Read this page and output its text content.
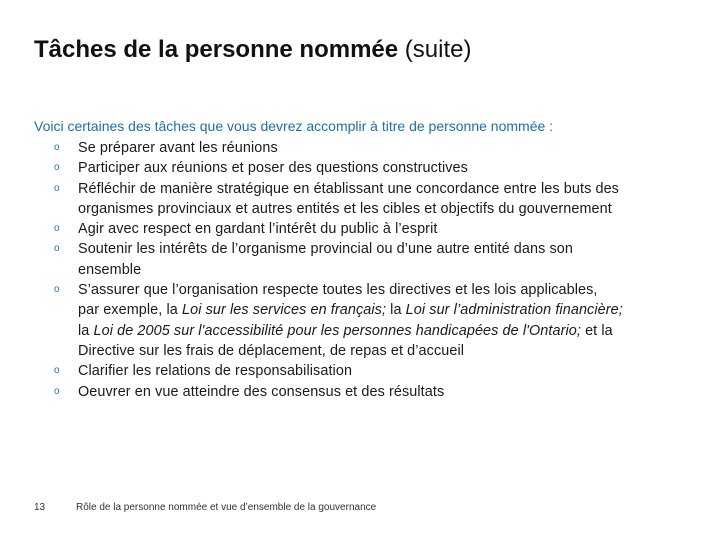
Tâches de la personne nommée (suite)
Voici certaines des tâches que vous devrez accomplir à titre de personne nommée :
o Se préparer avant les réunions
o Participer aux réunions et poser des questions constructives
o Réfléchir de manière stratégique en établissant une concordance entre les buts des
organismes provinciaux et autres entités et les cibles et objectifs du gouvernement
o Agir avec respect en gardant l’intérêt du public à l’esprit
o Soutenir les intérêts de l’organisme provincial ou d’une autre entité dans son
ensemble
o S’assurer que l’organisation respecte toutes les directives et les lois applicables,
par exemple, la Loi sur les services en français; la Loi sur l’administration financière;
la Loi de 2005 sur l'accessibilité pour les personnes handicapées de l'Ontario; et la
Directive sur les frais de déplacement, de repas et d’accueil
o Clarifier les relations de responsabilisation
o Oeuvrer en vue atteindre des consensus et des résultats
13	Rôle de la personne nommée et vue d’ensemble de la gouvernance
